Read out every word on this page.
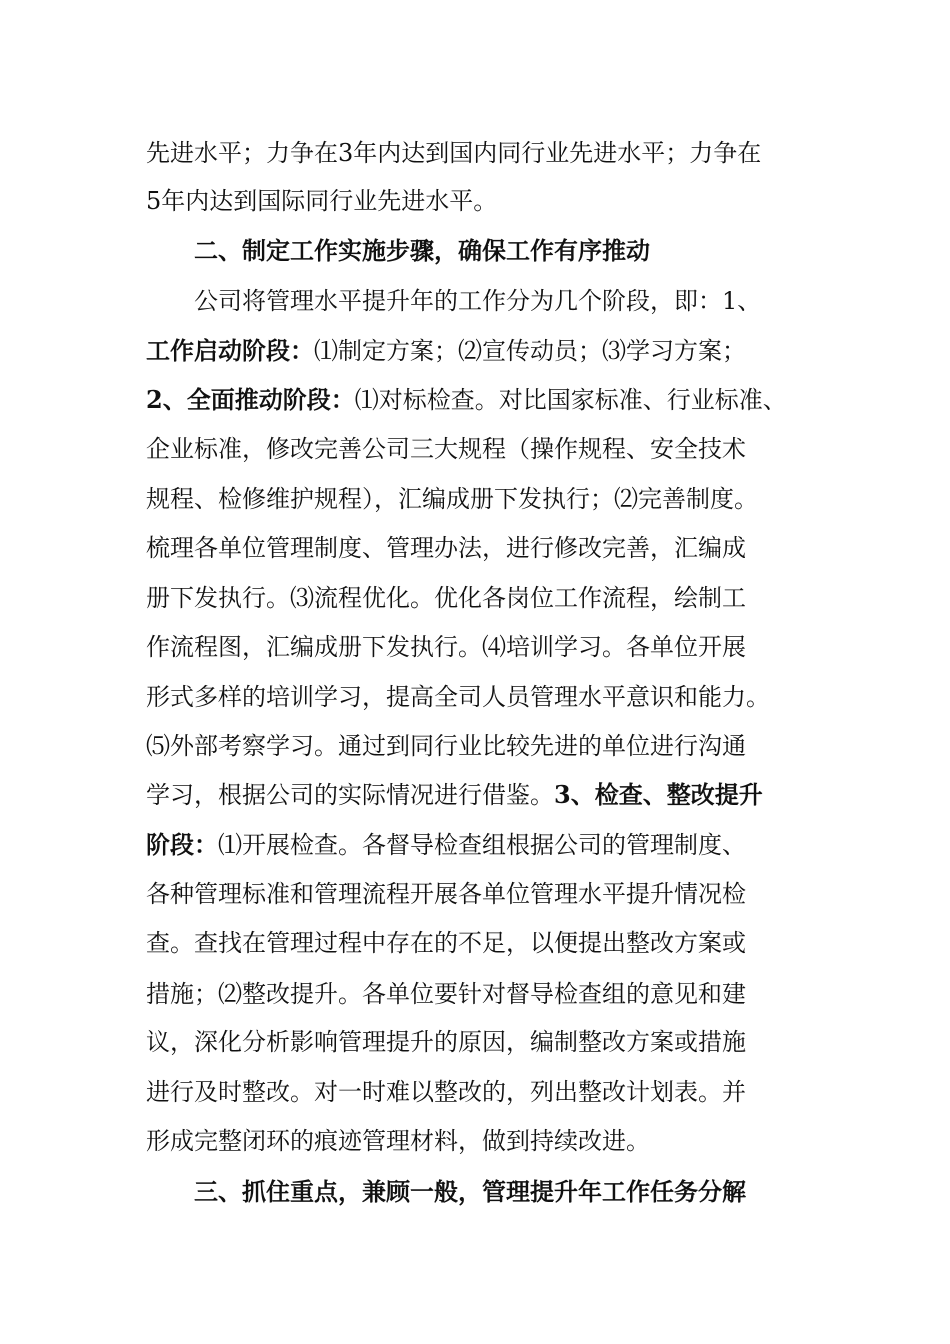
先进水平；力争在3年内达到国内同行业先进水平；力争在
5年内达到国际同行业先进水平。
二、制定工作实施步骤，确保工作有序推动
公司将管理水平提升年的工作分为几个阶段，即：1、
工作启动阶段：⑴制定方案；⑵宣传动员；⑶学习方案；
2、全面推动阶段：⑴对标检查。对比国家标准、行业标准、
企业标准，修改完善公司三大规程（操作规程、安全技术
规程、检修维护规程），汇编成册下发执行；⑵完善制度。
梳理各单位管理制度、管理办法，进行修改完善，汇编成
册下发执行。⑶流程优化。优化各岗位工作流程，绘制工
作流程图，汇编成册下发执行。⑷培训学习。各单位开展
形式多样的培训学习，提高全司人员管理水平意识和能力。
⑸外部考察学习。通过到同行业比较先进的单位进行沟通
学习，根据公司的实际情况进行借鉴。3、检查、整改提升
阶段：⑴开展检查。各督导检查组根据公司的管理制度、
各种管理标准和管理流程开展各单位管理水平提升情况检
查。查找在管理过程中存在的不足，以便提出整改方案或
措施；⑵整改提升。各单位要针对督导检查组的意见和建
议，深化分析影响管理提升的原因，编制整改方案或措施
进行及时整改。对一时难以整改的，列出整改计划表。并
形成完整闭环的痕迹管理材料，做到持续改进。
三、抓住重点，兼顾一般，管理提升年工作任务分解
